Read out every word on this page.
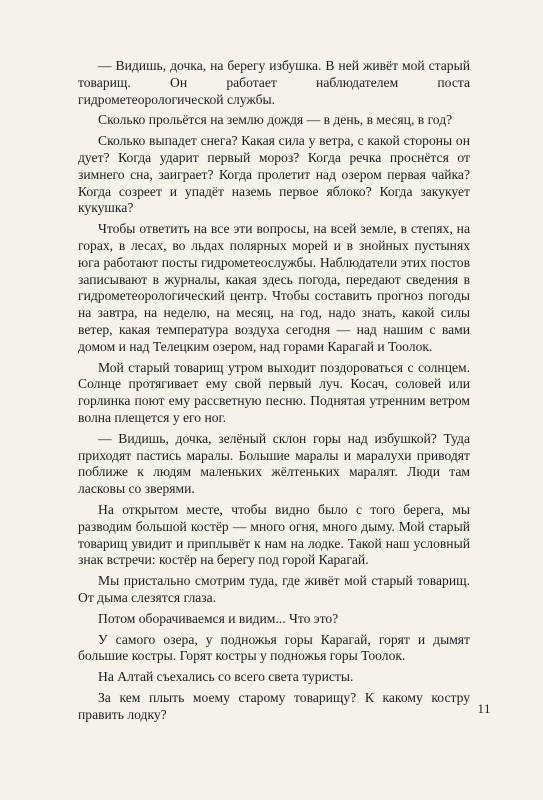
— Видишь, дочка, на берегу избушка. В ней живёт мой старый товарищ. Он работает наблюдателем поста гидрометеорологической службы.

Сколько прольётся на землю дождя — в день, в месяц, в год?

Сколько выпадет снега? Какая сила у ветра, с какой стороны он дует? Когда ударит первый мороз? Когда речка проснётся от зимнего сна, заиграет? Когда пролетит над озером первая чайка? Когда созреет и упадёт наземь первое яблоко? Когда закукует кукушка?

Чтобы ответить на все эти вопросы, на всей земле, в степях, на горах, в лесах, во льдах полярных морей и в знойных пустынях юга работают посты гидрометеослужбы. Наблюдатели этих постов записывают в журналы, какая здесь погода, передают сведения в гидрометеорологический центр. Чтобы составить прогноз погоды на завтра, на неделю, на месяц, на год, надо знать, какой силы ветер, какая температура воздуха сегодня — над нашим с вами домом и над Телецким озером, над горами Карагай и Тоолок.

Мой старый товарищ утром выходит поздороваться с солнцем. Солнце протягивает ему свой первый луч. Косач, соловей или горлинка поют ему рассветную песню. Поднятая утренним ветром волна плещется у его ног.

— Видишь, дочка, зелёный склон горы над избушкой? Туда приходят пастись маралы. Большие маралы и маралухи приводят поближе к людям маленьких жёлтеньких маралят. Люди там ласковы со зверями.

На открытом месте, чтобы видно было с того берега, мы разводим большой костёр — много огня, много дыму. Мой старый товарищ увидит и приплывёт к нам на лодке. Такой наш условный знак встречи: костёр на берегу под горой Карагай.

Мы пристально смотрим туда, где живёт мой старый товарищ. От дыма слезятся глаза.

Потом оборачиваемся и видим... Что это?

У самого озера, у подножья горы Карагай, горят и дымят большие костры. Горят костры у подножья горы Тоолок.

На Алтай съехались со всего света туристы.

За кем плыть моему старому товарищу? К какому костру править лодку?	11
